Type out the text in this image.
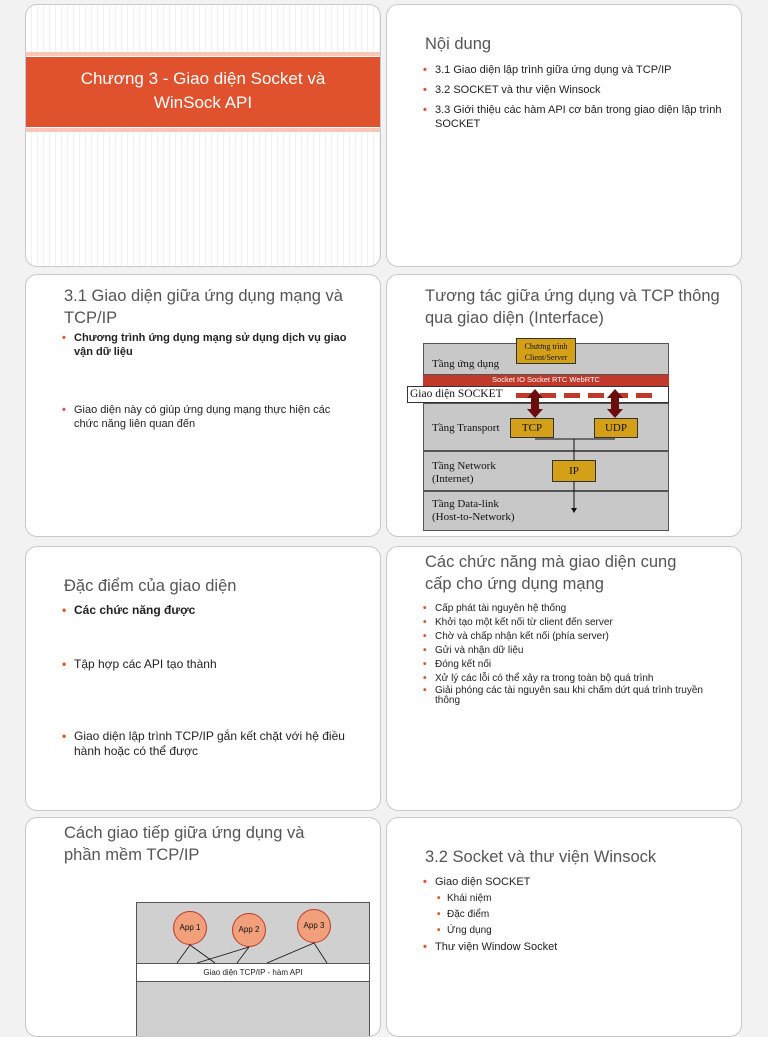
Chương 3 - Giao diện Socket và
WinSock API
Nội dung
• 3.1 Giao diện lập trình giữa ứng dụng và TCP/IP
• 3.2 SOCKET và thư viện Winsock
• 3.3 Giới thiệu các hàm API cơ bản trong giao diện lập trình SOCKET
3.1 Giao diện giữa ứng dụng mạng và
TCP/IP
• Chương trình ứng dụng mạng sử dụng dịch vụ giao vận dữ liệu
• Giao diện này có giúp ứng dụng mạng thực hiện các chức năng liên quan đến
Tương tác giữa ứng dụng và TCP thông
qua giao diện (Interface)
Tầng ứng dụng
Chương trình
Client/Server
Socket IO Socket RTC WebRTC
Giao diện SOCKET
Tầng Transport	TCP	UDP
Tầng Network
(Internet)
IP
Tầng Data-link
(Host-to-Network)
Đặc điểm của giao diện
• Các chức năng được
• Tập hợp các API tạo thành
• Giao diện lập trình TCP/IP gắn kết chặt với hệ điều hành hoặc có thể được
Các chức năng mà giao diện cung
cấp cho ứng dụng mạng
• Cấp phát tài nguyên hệ thống
• Khởi tạo một kết nối từ client đến server
• Chờ và chấp nhận kết nối (phía server)
• Gửi và nhận dữ liệu
• Đóng kết nối
• Xử lý các lỗi có thể xảy ra trong toàn bộ quá trình
• Giải phóng các tài nguyên sau khi chấm dứt quá trình truyền thông
Cách giao tiếp giữa ứng dụng và
phần mềm TCP/IP
App 1	App 2	App 3
Giao diện TCP/IP - hàm API
3.2 Socket và thư viện Winsock
• Giao diện SOCKET
• Khái niệm
• Đặc điểm
• Ứng dụng
• Thư viện Window Socket
